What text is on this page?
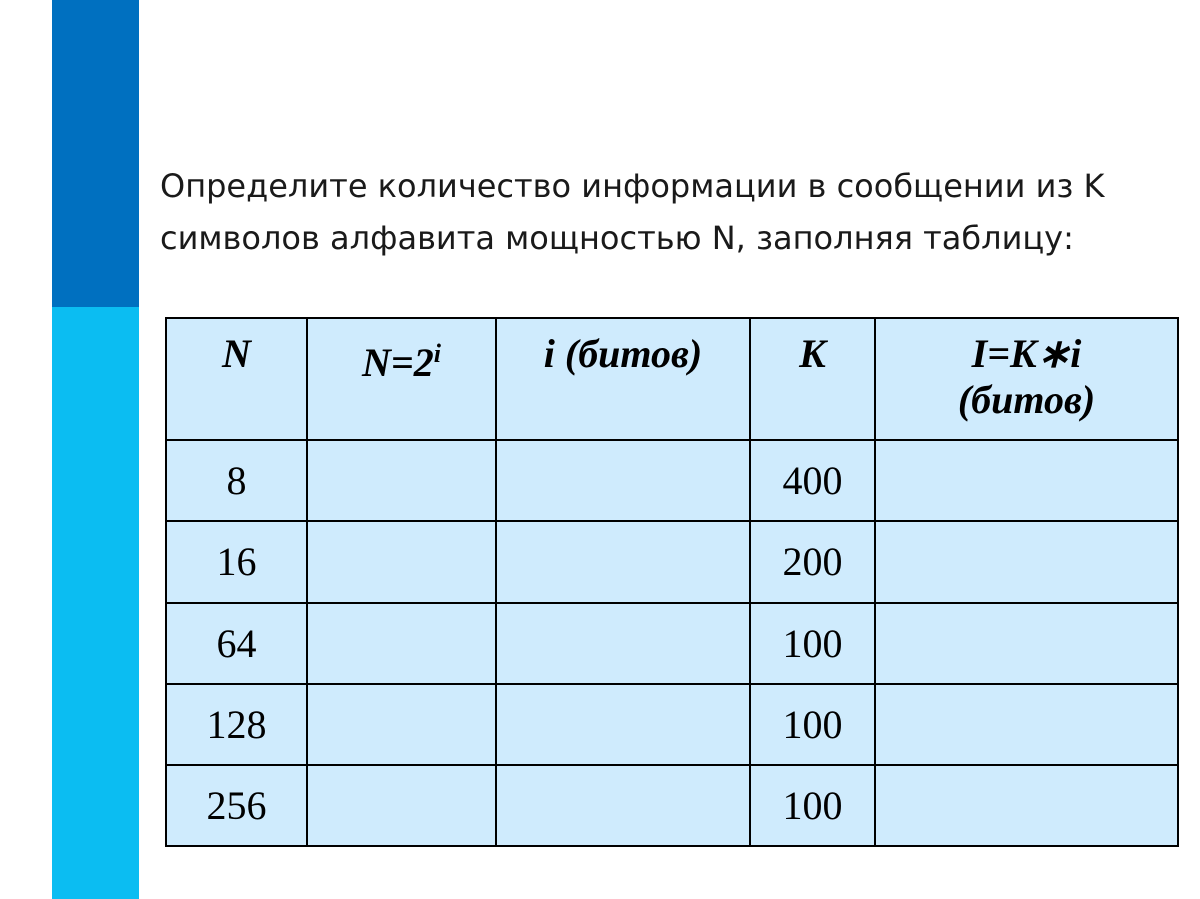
Определите количество информации в сообщении из K символов алфавита мощностью N, заполняя таблицу:

N	$N=2^i$	i (битов)	K	I=K∗i
(битов)
8			400	
16			200	
64			100	
128			100	
256			100	
